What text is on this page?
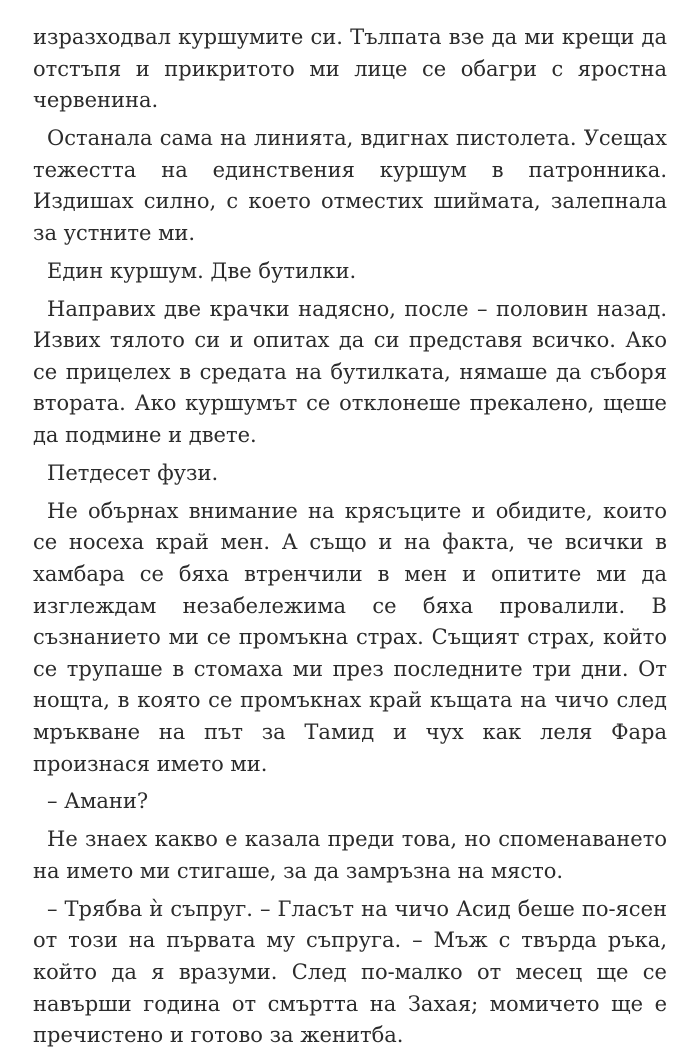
изразходвал куршумите си. Тълпата взе да ми крещи да отстъпя и прикритото ми лице се обагри с яростна червенина.

Останала сама на линията, вдигнах пистолета. Усещах тежестта на единствения куршум в патронника. Издишах силно, с което отместих шиймата, залепнала за устните ми.

Един куршум. Две бутилки.

Направих две крачки надясно, после – половин назад. Извих тялото си и опитах да си представя всичко. Ако се прицелех в средата на бутилката, нямаше да съборя втората. Ако куршумът се отклонеше прекалено, щеше да подмине и двете.

Петдесет фузи.

Не обърнах внимание на крясъците и обидите, които се носеха край мен. А също и на факта, че всички в хамбара се бяха втренчили в мен и опитите ми да изглеждам незабележима се бяха провалили. В съзнанието ми се промъкна страх. Същият страх, който се трупаше в стомаха ми през последните три дни. От нощта, в която се промъкнах край къщата на чичо след мръкване на път за Тамид и чух как леля Фара произнася името ми.

– Амани?

Не знаех какво е казала преди това, но споменаването на името ми стигаше, за да замръзна на място.

– Трябва ѝ съпруг. – Гласът на чичо Асид беше по-ясен от този на първата му съпруга. – Мъж с твърда ръка, който да я вразуми. След по-малко от месец ще се навърши година от смъртта на Захая; момичето ще е пречистено и готово за женитба.
